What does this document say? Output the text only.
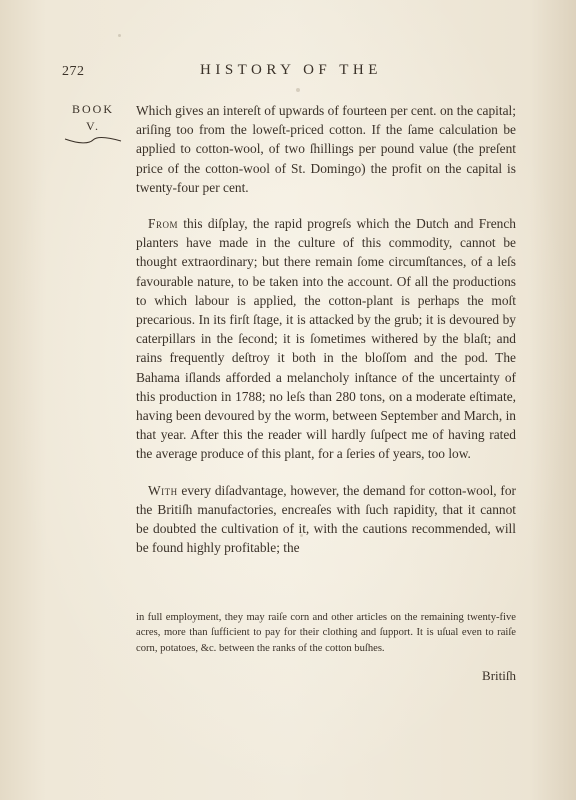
272	HISTORY OF THE
BOOK
V.

Which gives an intereſt of upwards of fourteen per cent. on the capital; ariſing too from the loweſt-priced cotton. If the ſame calculation be applied to cotton-wool, of two ſhillings per pound value (the preſent price of the cotton-wool of St. Domingo) the profit on the capital is twenty-four per cent.

From this diſplay, the rapid progreſs which the Dutch and French planters have made in the culture of this commodity, cannot be thought extraordinary; but there remain ſome circumſtances, of a leſs favourable nature, to be taken into the account. Of all the productions to which labour is applied, the cotton-plant is perhaps the moſt precarious. In its firſt ſtage, it is attacked by the grub; it is devoured by caterpillars in the ſecond; it is ſometimes withered by the blaſt; and rains frequently deſtroy it both in the bloſſom and the pod. The Bahama iſlands afforded a melancholy inſtance of the uncertainty of this production in 1788; no leſs than 280 tons, on a moderate eſtimate, having been devoured by the worm, between September and March, in that year. After this the reader will hardly ſuſpect me of having rated the average produce of this plant, for a ſeries of years, too low.

With every diſadvantage, however, the demand for cotton-wool, for the Britiſh manufactories, encreaſes with ſuch rapidity, that it cannot be doubted the cultivation of it, with the cautions recommended, will be found highly profitable; the

in full employment, they may raiſe corn and other articles on the remaining twenty-five acres, more than ſufficient to pay for their clothing and ſupport. It is uſual even to raiſe corn, potatoes, &c. between the ranks of the cotton buſhes.

Britiſh
